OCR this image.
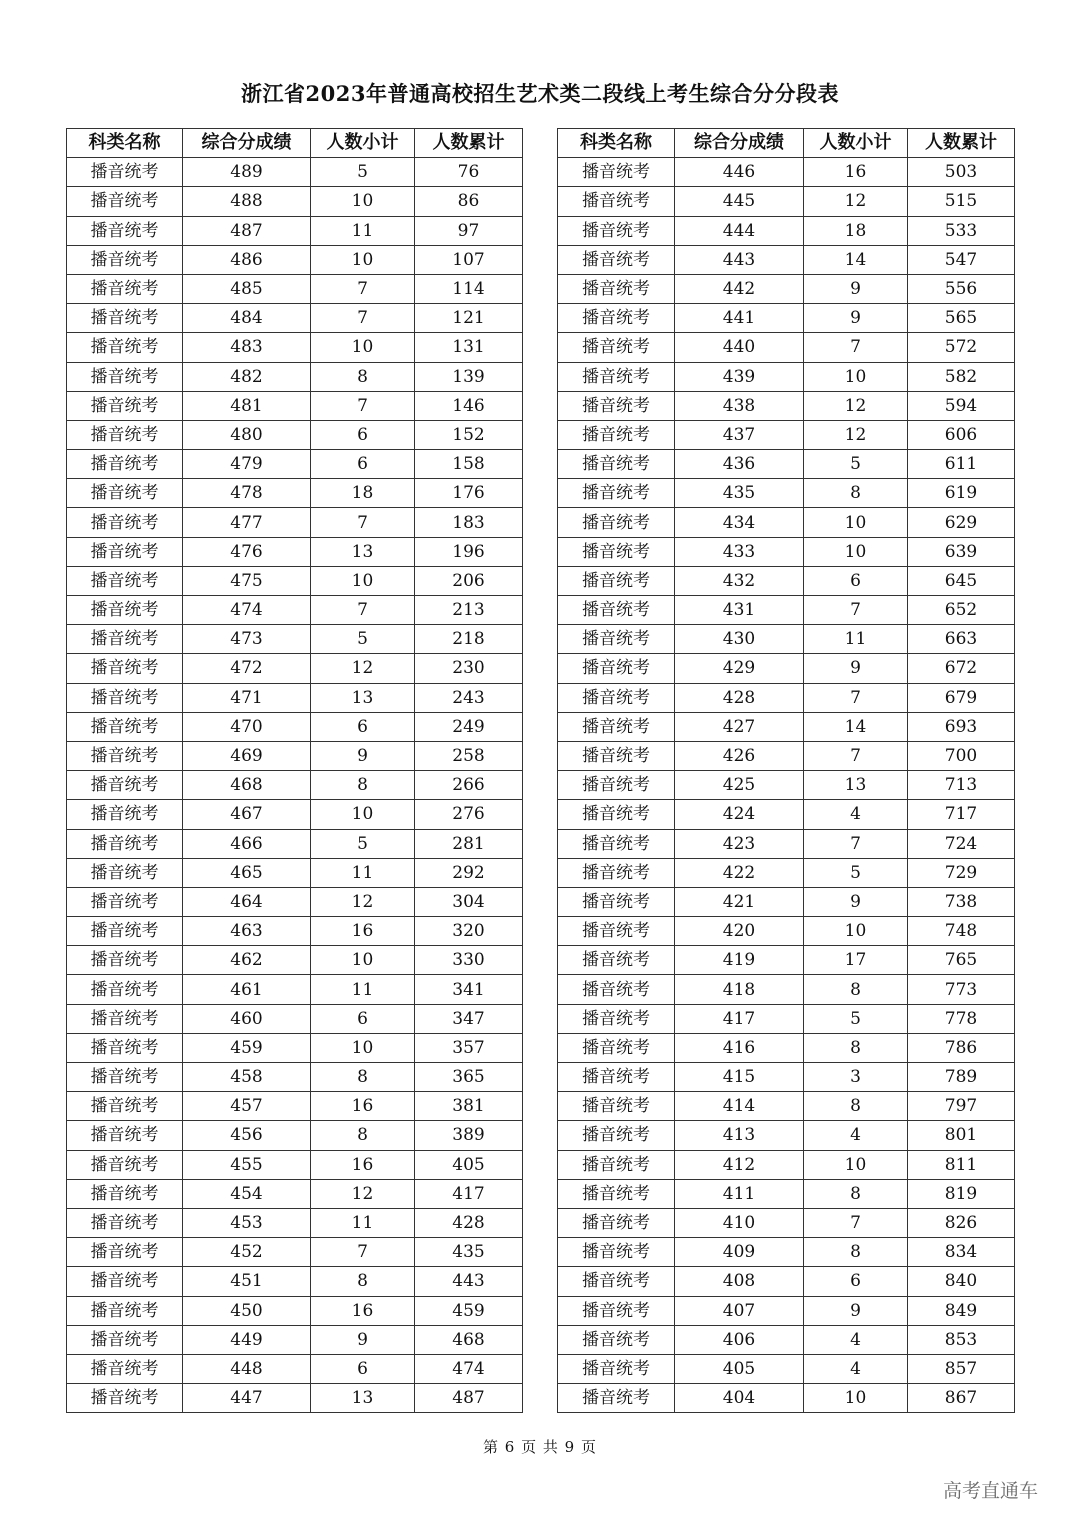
浙江省2023年普通高校招生艺术类二段线上考生综合分分段表
科类名称	综合分成绩	人数小计	人数累计
播音统考	489	5	76
播音统考	488	10	86
播音统考	487	11	97
播音统考	486	10	107
播音统考	485	7	114
播音统考	484	7	121
播音统考	483	10	131
播音统考	482	8	139
播音统考	481	7	146
播音统考	480	6	152
播音统考	479	6	158
播音统考	478	18	176
播音统考	477	7	183
播音统考	476	13	196
播音统考	475	10	206
播音统考	474	7	213
播音统考	473	5	218
播音统考	472	12	230
播音统考	471	13	243
播音统考	470	6	249
播音统考	469	9	258
播音统考	468	8	266
播音统考	467	10	276
播音统考	466	5	281
播音统考	465	11	292
播音统考	464	12	304
播音统考	463	16	320
播音统考	462	10	330
播音统考	461	11	341
播音统考	460	6	347
播音统考	459	10	357
播音统考	458	8	365
播音统考	457	16	381
播音统考	456	8	389
播音统考	455	16	405
播音统考	454	12	417
播音统考	453	11	428
播音统考	452	7	435
播音统考	451	8	443
播音统考	450	16	459
播音统考	449	9	468
播音统考	448	6	474
播音统考	447	13	487
科类名称	综合分成绩	人数小计	人数累计
播音统考	446	16	503
播音统考	445	12	515
播音统考	444	18	533
播音统考	443	14	547
播音统考	442	9	556
播音统考	441	9	565
播音统考	440	7	572
播音统考	439	10	582
播音统考	438	12	594
播音统考	437	12	606
播音统考	436	5	611
播音统考	435	8	619
播音统考	434	10	629
播音统考	433	10	639
播音统考	432	6	645
播音统考	431	7	652
播音统考	430	11	663
播音统考	429	9	672
播音统考	428	7	679
播音统考	427	14	693
播音统考	426	7	700
播音统考	425	13	713
播音统考	424	4	717
播音统考	423	7	724
播音统考	422	5	729
播音统考	421	9	738
播音统考	420	10	748
播音统考	419	17	765
播音统考	418	8	773
播音统考	417	5	778
播音统考	416	8	786
播音统考	415	3	789
播音统考	414	8	797
播音统考	413	4	801
播音统考	412	10	811
播音统考	411	8	819
播音统考	410	7	826
播音统考	409	8	834
播音统考	408	6	840
播音统考	407	9	849
播音统考	406	4	853
播音统考	405	4	857
播音统考	404	10	867
第 6 页 共 9 页
高考直通车
